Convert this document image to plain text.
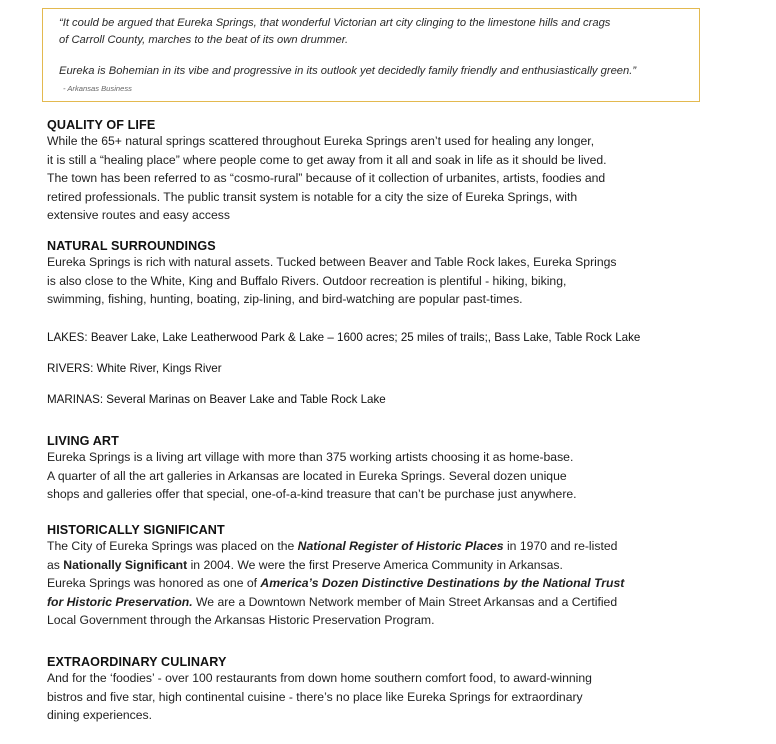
“It could be argued that Eureka Springs, that wonderful Victorian art city clinging to the limestone hills and crags
of Carroll County, marches to the beat of its own drummer.
Eureka is Bohemian in its vibe and progressive in its outlook yet decidedly family friendly and enthusiastically green.”
- Arkansas Business
QUALITY OF LIFE
While the 65+ natural springs scattered throughout Eureka Springs aren’t used for healing any longer,
it is still a “healing place” where people come to get away from it all and soak in life as it should be lived.
The town has been referred to as “cosmo-rural” because of it collection of urbanites, artists, foodies and
retired professionals. The public transit system is notable for a city the size of Eureka Springs, with
extensive routes and easy access
NATURAL SURROUNDINGS
Eureka Springs is rich with natural assets. Tucked between Beaver and Table Rock lakes, Eureka Springs
is also close to the White, King and Buffalo Rivers. Outdoor recreation is plentiful - hiking, biking,
swimming, fishing, hunting, boating, zip-lining, and bird-watching are popular past-times.
LAKES: Beaver Lake, Lake Leatherwood Park & Lake – 1600 acres; 25 miles of trails;, Bass Lake, Table Rock Lake
RIVERS: White River, Kings River
MARINAS: Several Marinas on Beaver Lake and Table Rock Lake
LIVING ART
Eureka Springs is a living art village with more than 375 working artists choosing it as home-base.
A quarter of all the art galleries in Arkansas are located in Eureka Springs. Several dozen unique
shops and galleries offer that special, one-of-a-kind treasure that can’t be purchase just anywhere.
HISTORICALLY SIGNIFICANT
The City of Eureka Springs was placed on the National Register of Historic Places in 1970 and re-listed
as Nationally Significant in 2004. We were the first Preserve America Community in Arkansas.
Eureka Springs was honored as one of America’s Dozen Distinctive Destinations by the National Trust
for Historic Preservation. We are a Downtown Network member of Main Street Arkansas and a Certified
Local Government through the Arkansas Historic Preservation Program.
EXTRAORDINARY CULINARY
And for the ‘foodies’ - over 100 restaurants from down home southern comfort food, to award-winning
bistros and five star, high continental cuisine - there’s no place like Eureka Springs for extraordinary
dining experiences.
